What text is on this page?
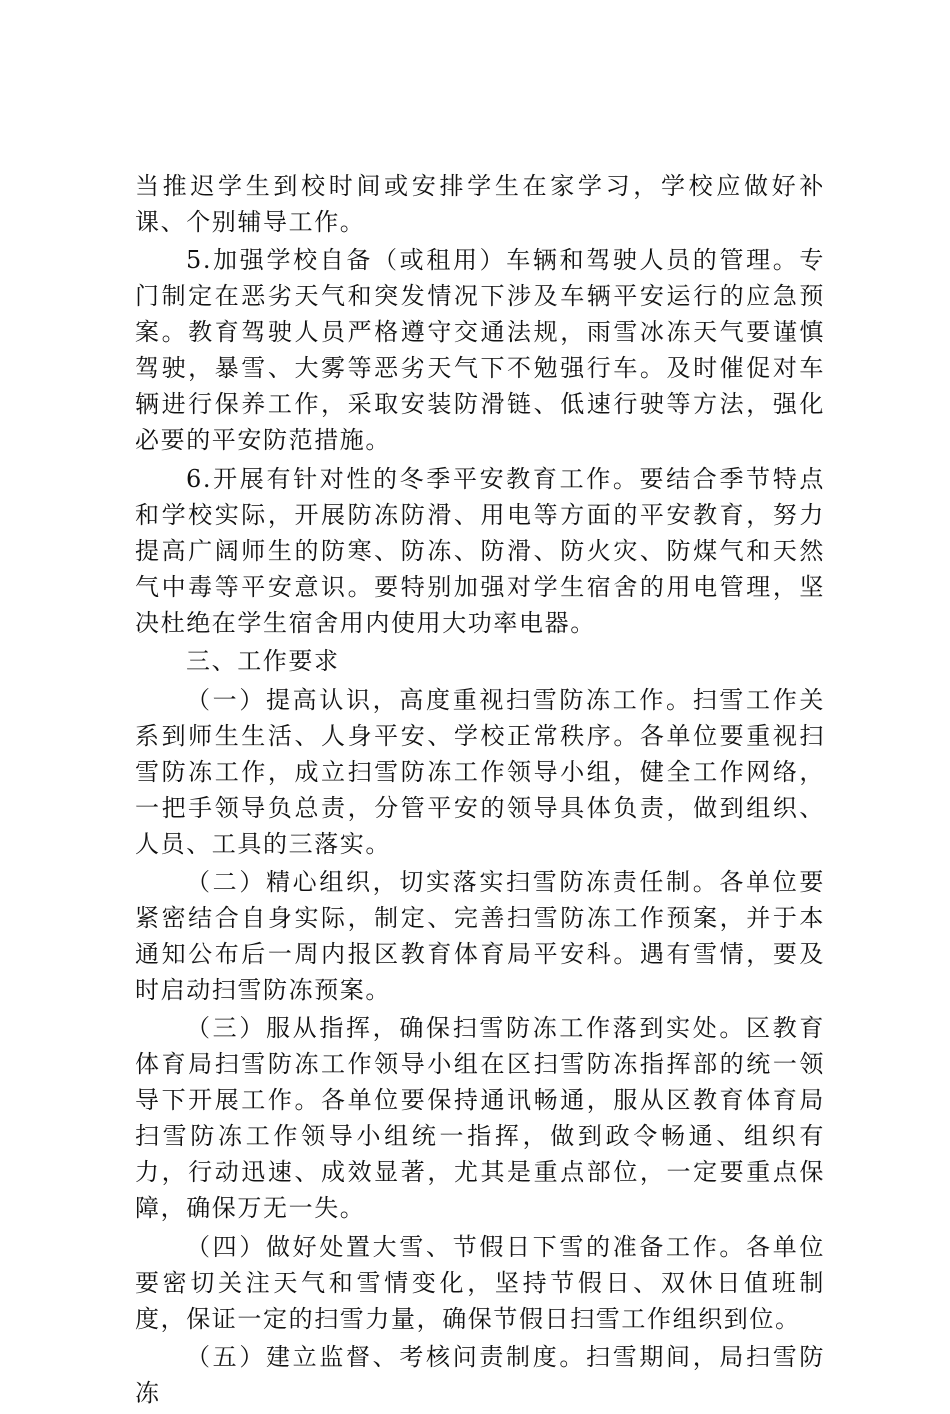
当推迟学生到校时间或安排学生在家学习，学校应做好补课、个别辅导工作。

5.加强学校自备（或租用）车辆和驾驶人员的管理。专门制定在恶劣天气和突发情况下涉及车辆平安运行的应急预案。教育驾驶人员严格遵守交通法规，雨雪冰冻天气要谨慎驾驶，暴雪、大雾等恶劣天气下不勉强行车。及时催促对车辆进行保养工作，采取安装防滑链、低速行驶等方法，强化必要的平安防范措施。

6.开展有针对性的冬季平安教育工作。要结合季节特点和学校实际，开展防冻防滑、用电等方面的平安教育，努力提高广阔师生的防寒、防冻、防滑、防火灾、防煤气和天然气中毒等平安意识。要特别加强对学生宿舍的用电管理，坚决杜绝在学生宿舍用内使用大功率电器。

三、工作要求

（一）提高认识，高度重视扫雪防冻工作。扫雪工作关系到师生生活、人身平安、学校正常秩序。各单位要重视扫雪防冻工作，成立扫雪防冻工作领导小组，健全工作网络，一把手领导负总责，分管平安的领导具体负责，做到组织、人员、工具的三落实。

（二）精心组织，切实落实扫雪防冻责任制。各单位要紧密结合自身实际，制定、完善扫雪防冻工作预案，并于本通知公布后一周内报区教育体育局平安科。遇有雪情，要及时启动扫雪防冻预案。

（三）服从指挥，确保扫雪防冻工作落到实处。区教育体育局扫雪防冻工作领导小组在区扫雪防冻指挥部的统一领导下开展工作。各单位要保持通讯畅通，服从区教育体育局扫雪防冻工作领导小组统一指挥，做到政令畅通、组织有力，行动迅速、成效显著，尤其是重点部位，一定要重点保障，确保万无一失。

（四）做好处置大雪、节假日下雪的准备工作。各单位要密切关注天气和雪情变化，坚持节假日、双休日值班制度，保证一定的扫雪力量，确保节假日扫雪工作组织到位。

（五）建立监督、考核问责制度。扫雪期间，局扫雪防冻
